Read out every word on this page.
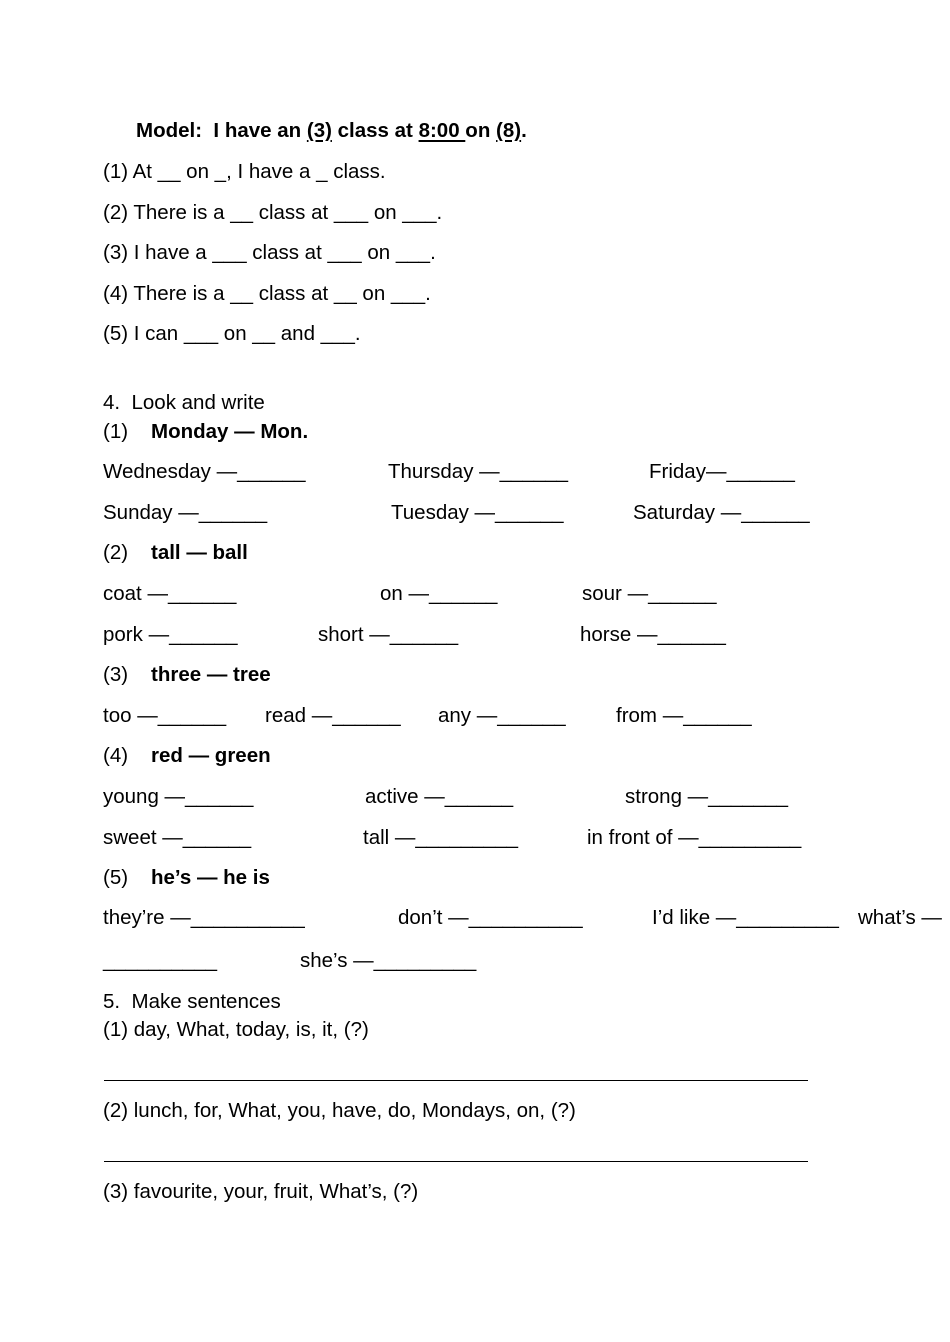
Model:  I have an (3) class at 8:00 on (8).
(1) At __ on _, I have a _ class.
(2) There is a __ class at ___ on ___.
(3) I have a ___ class at ___ on ___.
(4) There is a __ class at __ on ___.
(5) I can ___ on __ and ___.
4.  Look and write
(1) Monday — Mon.
Wednesday —______	Thursday —______	Friday—______
Sunday —______	Tuesday —______	Saturday —______
(2) tall — ball
coat —______	on —______	sour —______
pork —______	short —______	horse —______
(3) three — tree
too —______ read —______ any —______ from —______
(4) red — green
young —______	active —______	strong —_______
sweet —______	tall —_________	in front of —_________
(5) he’s — he is
they’re —__________	don’t —__________	I’d like —_________ what’s —
__________	she’s —_________
5.  Make sentences
(1) day, What, today, is, it, (?)
(2) lunch, for, What, you, have, do, Mondays, on, (?)
(3) favourite, your, fruit, What’s, (?)
